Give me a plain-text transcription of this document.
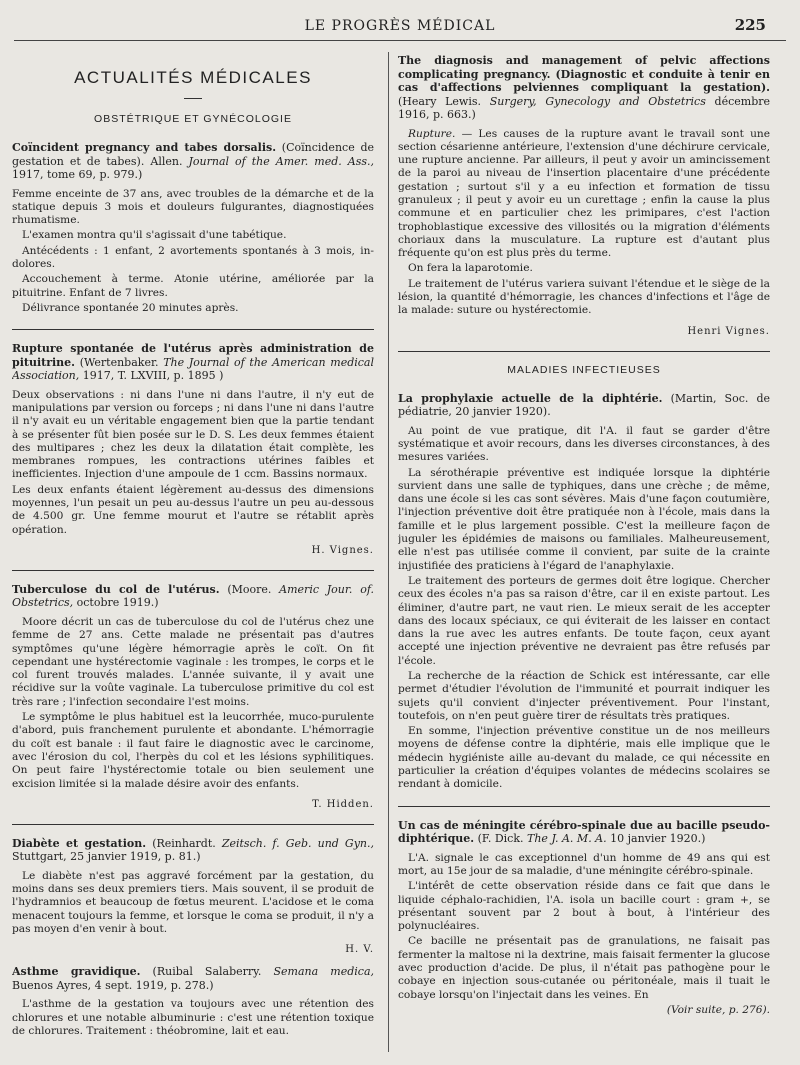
LE PROGRÈS MÉDICAL	225
ACTUALITÉS MÉDICALES
OBSTÉTRIQUE ET GYNÉCOLOGIE

Coïncident pregnancy and tabes dorsalis. (Coïncidence de gestation et de tabes). Allen. Journal of the Amer. med. Ass., 1917, tome 69, p. 979.)

Femme enceinte de 37 ans, avec troubles de la démarche et de la statique depuis 3 mois et douleurs fulgurantes, diagnostiquées rhumatisme.

L'examen montra qu'il s'agissait d'une tabétique.

Antécédents : 1 enfant, 2 avortements spontanés à 3 mois, in-dolores.

Accouchement à terme. Atonie utérine, améliorée par la pituitrine. Enfant de 7 livres.

Délivrance spontanée 20 minutes après.

Rupture spontanée de l'utérus après administration de pituitrine. (Wertenbaker. The Journal of the American medical Association, 1917, T. LXVIII, p. 1895 )

Deux observations : ni dans l'une ni dans l'autre, il n'y eut de manipulations par version ou forceps ; ni dans l'une ni dans l'autre il n'y avait eu un véritable engagement bien que la partie tendant à se présenter fût bien posée sur le D. S. Les deux femmes étaient des multipares ; chez les deux la dilatation était complète, les membranes rompues, les contractions utérines faibles et inefficientes. Injection d'une ampoule de 1 ccm. Bassins normaux.

Les deux enfants étaient légèrement au-dessus des dimensions moyennes, l'un pesait un peu au-dessus l'autre un peu au-dessous de 4.500 gr. Une femme mourut et l'autre se rétablit après opération.

H. Vignes.

Tuberculose du col de l'utérus. (Moore. Americ Jour. of. Obstetrics, octobre 1919.)

Moore décrit un cas de tuberculose du col de l'utérus chez une femme de 27 ans. Cette malade ne présentait pas d'autres symptômes qu'une légère hémorragie après le coït. On fit cependant une hystérectomie vaginale : les trompes, le corps et le col furent trouvés malades. L'année suivante, il y avait une récidive sur la voûte vaginale. La tuberculose primitive du col est très rare ; l'infection secondaire l'est moins.

Le symptôme le plus habituel est la leucorrhée, muco-purulente d'abord, puis franchement purulente et abondante. L'hémorragie du coït est banale : il faut faire le diagnostic avec le carcinome, avec l'érosion du col, l'herpès du col et les lésions syphilitiques. On peut faire l'hystérectomie totale ou bien seulement une excision limitée si la malade désire avoir des enfants.

T. Hidden.

Diabète et gestation. (Reinhardt. Zeitsch. f. Geb. und Gyn., Stuttgart, 25 janvier 1919, p. 81.)

Le diabète n'est pas aggravé forcément par la gestation, du moins dans ses deux premiers tiers. Mais souvent, il se produit de l'hydramnios et beaucoup de fœtus meurent. L'acidose et le coma menacent toujours la femme, et lorsque le coma se produit, il n'y a pas moyen d'en venir à bout.

H. V.

Asthme gravidique. (Ruibal Salaberry. Semana medica, Buenos Ayres, 4 sept. 1919, p. 278.)

L'asthme de la gestation va toujours avec une rétention des chlorures et une notable albuminurie : c'est une rétention toxique de chlorures. Traitement : théobromine, lait et eau.

The diagnosis and management of pelvic affections complicating pregnancy. (Diagnostic et conduite à tenir en cas d'affections pelviennes compliquant la gestation). (Heary Lewis. Surgery, Gynecology and Obstetrics décembre 1916, p. 663.)

Rupture. — Les causes de la rupture avant le travail sont une section césarienne antérieure, l'extension d'une déchirure cervicale, une rupture ancienne. Par ailleurs, il peut y avoir un amincissement de la paroi au niveau de l'insertion placentaire d'une précédente gestation ; surtout s'il y a eu infection et formation de tissu granuleux ; il peut y avoir eu un curettage ; enfin la cause la plus commune et en particulier chez les primipares, c'est l'action trophoblastique excessive des villosités ou la migration d'éléments choriaux dans la musculature. La rupture est d'autant plus fréquente qu'on est plus près du terme.

On fera la laparotomie.

Le traitement de l'utérus variera suivant l'étendue et le siège de la lésion, la quantité d'hémorragie, les chances d'infections et l'âge de la malade: suture ou hystérectomie.

Henri Vignes.
MALADIES INFECTIEUSES

La prophylaxie actuelle de la diphtérie. (Martin, Soc. de pédiatrie, 20 janvier 1920).

Au point de vue pratique, dit l'A. il faut se garder d'être systématique et avoir recours, dans les diverses circonstances, à des mesures variées.

La sérothérapie préventive est indiquée lorsque la diphtérie survient dans une salle de typhiques, dans une crèche ; de même, dans une école si les cas sont sévères. Mais d'une façon coutumière, l'injection préventive doit être pratiquée non à l'école, mais dans la famille et le plus largement possible. C'est la meilleure façon de juguler les épidémies de maisons ou familiales. Malheureusement, elle n'est pas utilisée comme il convient, par suite de la crainte injustifiée des praticiens à l'égard de l'anaphylaxie.

Le traitement des porteurs de germes doit être logique. Chercher ceux des écoles n'a pas sa raison d'être, car il en existe partout. Les éliminer, d'autre part, ne vaut rien. Le mieux serait de les accepter dans des locaux spéciaux, ce qui éviterait de les laisser en contact dans la rue avec les autres enfants. De toute façon, ceux ayant accepté une injection préventive ne devraient pas être refusés par l'école.

La recherche de la réaction de Schick est intéressante, car elle permet d'étudier l'évolution de l'immunité et pourrait indiquer les sujets qu'il convient d'injecter préventivement. Pour l'instant, toutefois, on n'en peut guère tirer de résultats très pratiques.

En somme, l'injection préventive constitue un de nos meilleurs moyens de défense contre la diphtérie, mais elle implique que le médecin hygiéniste aille au-devant du malade, ce qui nécessite en particulier la création d'équipes volantes de médecins scolaires se rendant à domicile.

Un cas de méningite cérébro-spinale due au bacille pseudo-diphtérique. (F. Dick. The J. A. M. A. 10 janvier 1920.)

L'A. signale le cas exceptionnel d'un homme de 49 ans qui est mort, au 15e jour de sa maladie, d'une méningite cérébro-spinale.

L'intérêt de cette observation réside dans ce fait que dans le liquide céphalo-rachidien, l'A. isola un bacille court : gram +, se présentant souvent par 2 bout à bout, à l'intérieur des polynucléaires.

Ce bacille ne présentait pas de granulations, ne faisait pas fermenter la maltose ni la dextrine, mais faisait fermenter la glucose avec production d'acide. De plus, il n'était pas pathogène pour le cobaye en injection sous-cutanée ou péritonéale, mais il tuait le cobaye lorsqu'on l'injectait dans les veines. En

(Voir suite, p. 276).
